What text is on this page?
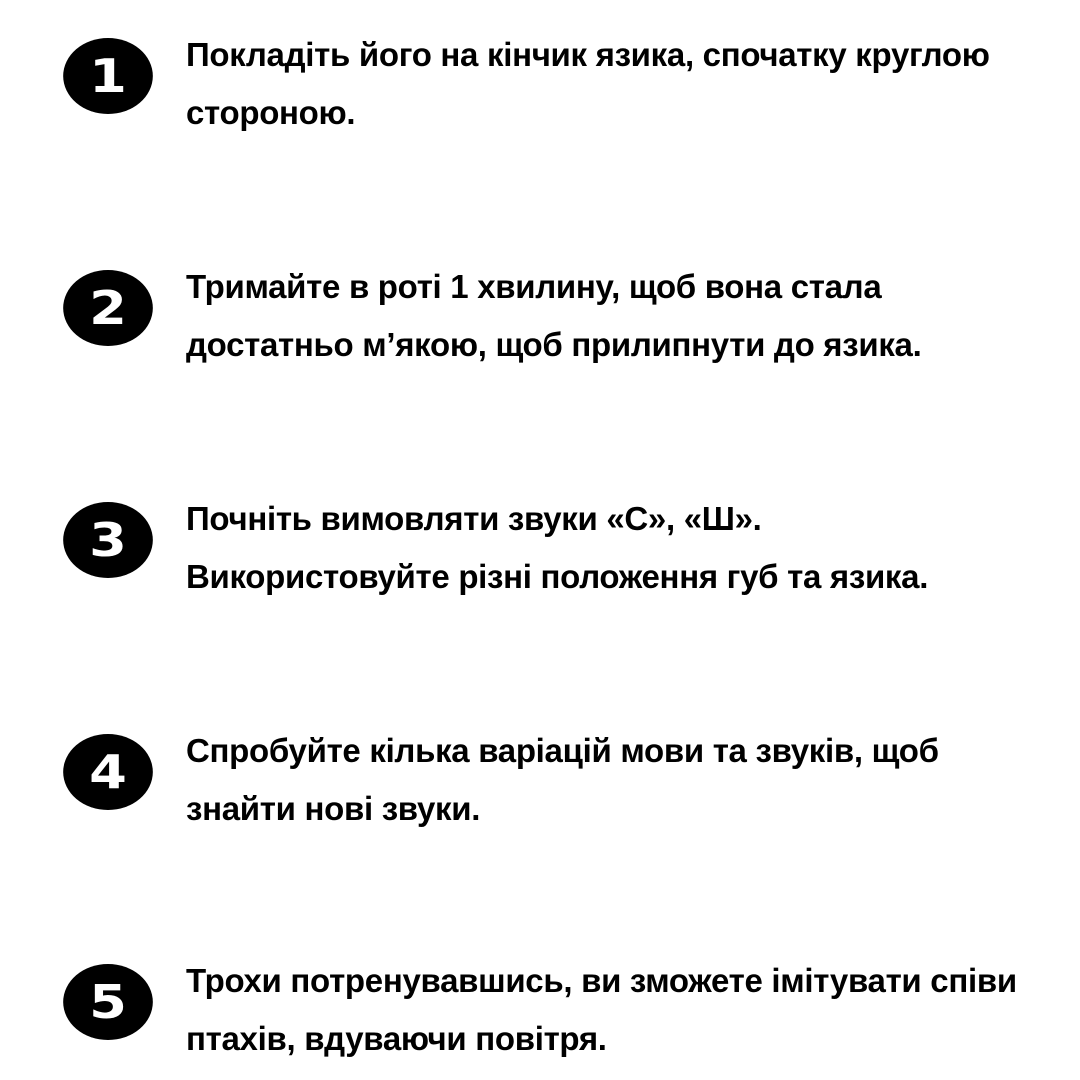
1	Покладіть його на кінчик язика, спочатку круглою стороною.

2	Тримайте в роті 1 хвилину, щоб вона стала достатньо м’якою, щоб прилипнути до язика.

3	Почніть вимовляти звуки «С», «Ш». Використовуйте різні положення губ та язика.

4	Спробуйте кілька варіацій мови та звуків, щоб знайти нові звуки.

5	Трохи потренувавшись, ви зможете імітувати співи птахів, вдуваючи повітря.
